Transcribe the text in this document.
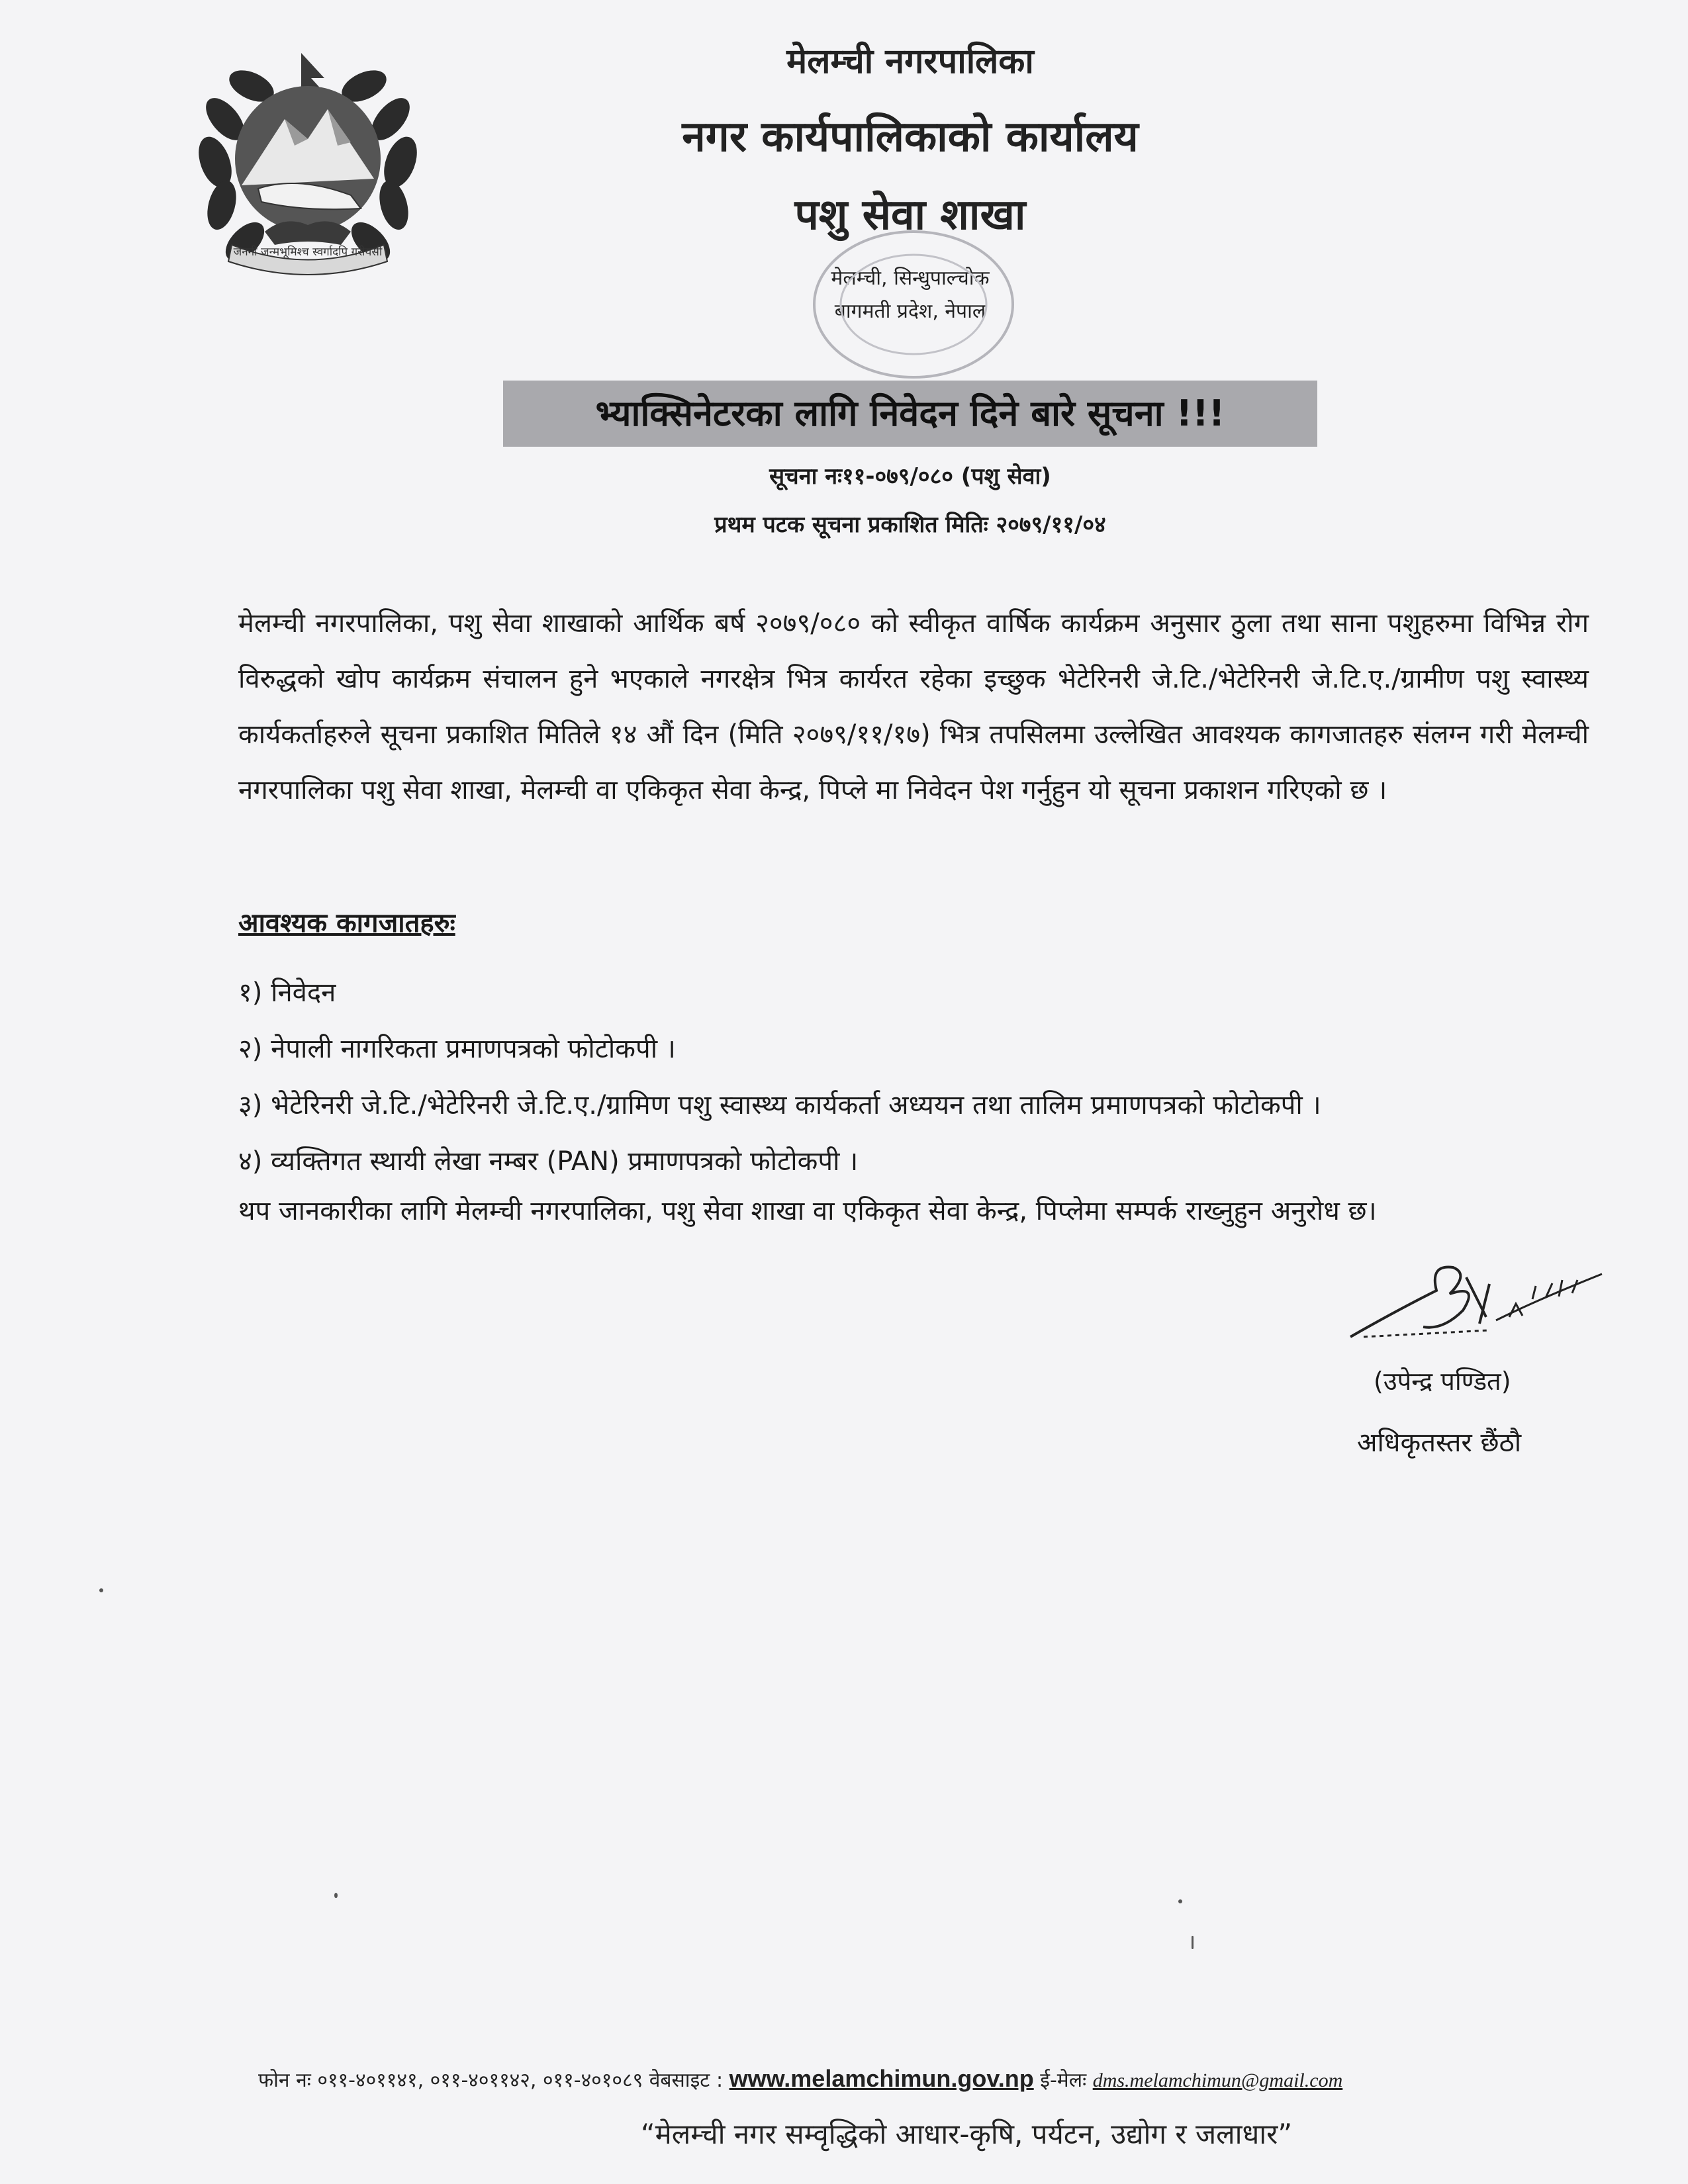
जननी जन्मभूमिश्च स्वर्गादपि गरीयसी
मेलम्ची नगरपालिका
नगर कार्यपालिकाको कार्यालय
पशु सेवा शाखा
मेलम्ची, सिन्धुपाल्चोक
बागमती प्रदेश, नेपाल
भ्याक्सिनेटरका लागि निवेदन दिने बारे सूचना !!!
सूचना नः११-०७९/०८० (पशु सेवा)
प्रथम पटक सूचना प्रकाशित मितिः २०७९/११/०४
मेलम्ची नगरपालिका, पशु सेवा शाखाको आर्थिक बर्ष २०७९/०८० को स्वीकृत वार्षिक कार्यक्रम अनुसार ठुला तथा साना पशुहरुमा विभिन्न रोग विरुद्धको खोप कार्यक्रम संचालन हुने भएकाले नगरक्षेत्र भित्र कार्यरत रहेका इच्छुक भेटेरिनरी जे.टि./भेटेरिनरी जे.टि.ए./ग्रामीण पशु स्वास्थ्य कार्यकर्ताहरुले सूचना प्रकाशित मितिले १४ औं दिन (मिति २०७९/११/१७) भित्र तपसिलमा उल्लेखित आवश्यक कागजातहरु संलग्न गरी मेलम्ची नगरपालिका पशु सेवा शाखा, मेलम्ची वा एकिकृत सेवा केन्द्र, पिप्ले मा निवेदन पेश गर्नुहुन यो सूचना प्रकाशन गरिएको छ ।
आवश्यक कागजातहरुः
१) निवेदन
२) नेपाली नागरिकता प्रमाणपत्रको फोटोकपी ।
३) भेटेरिनरी जे.टि./भेटेरिनरी जे.टि.ए./ग्रामिण पशु स्वास्थ्य कार्यकर्ता अध्ययन तथा तालिम प्रमाणपत्रको फोटोकपी ।
४) व्यक्तिगत स्थायी लेखा नम्बर (PAN) प्रमाणपत्रको फोटोकपी ।
थप जानकारीका लागि मेलम्ची नगरपालिका, पशु सेवा शाखा वा एकिकृत सेवा केन्द्र, पिप्लेमा सम्पर्क राख्नुहुन अनुरोध छ।
(उपेन्द्र पण्डित)
अधिकृतस्तर छैंठौ
फोन नः ०११-४०११४१, ०११-४०११४२, ०११-४०१०८९ वेबसाइट : www.melamchimun.gov.np ई-मेलः dms.melamchimun@gmail.com
“मेलम्ची नगर सम्वृद्धिको आधार-कृषि, पर्यटन, उद्योग र जलाधार”
